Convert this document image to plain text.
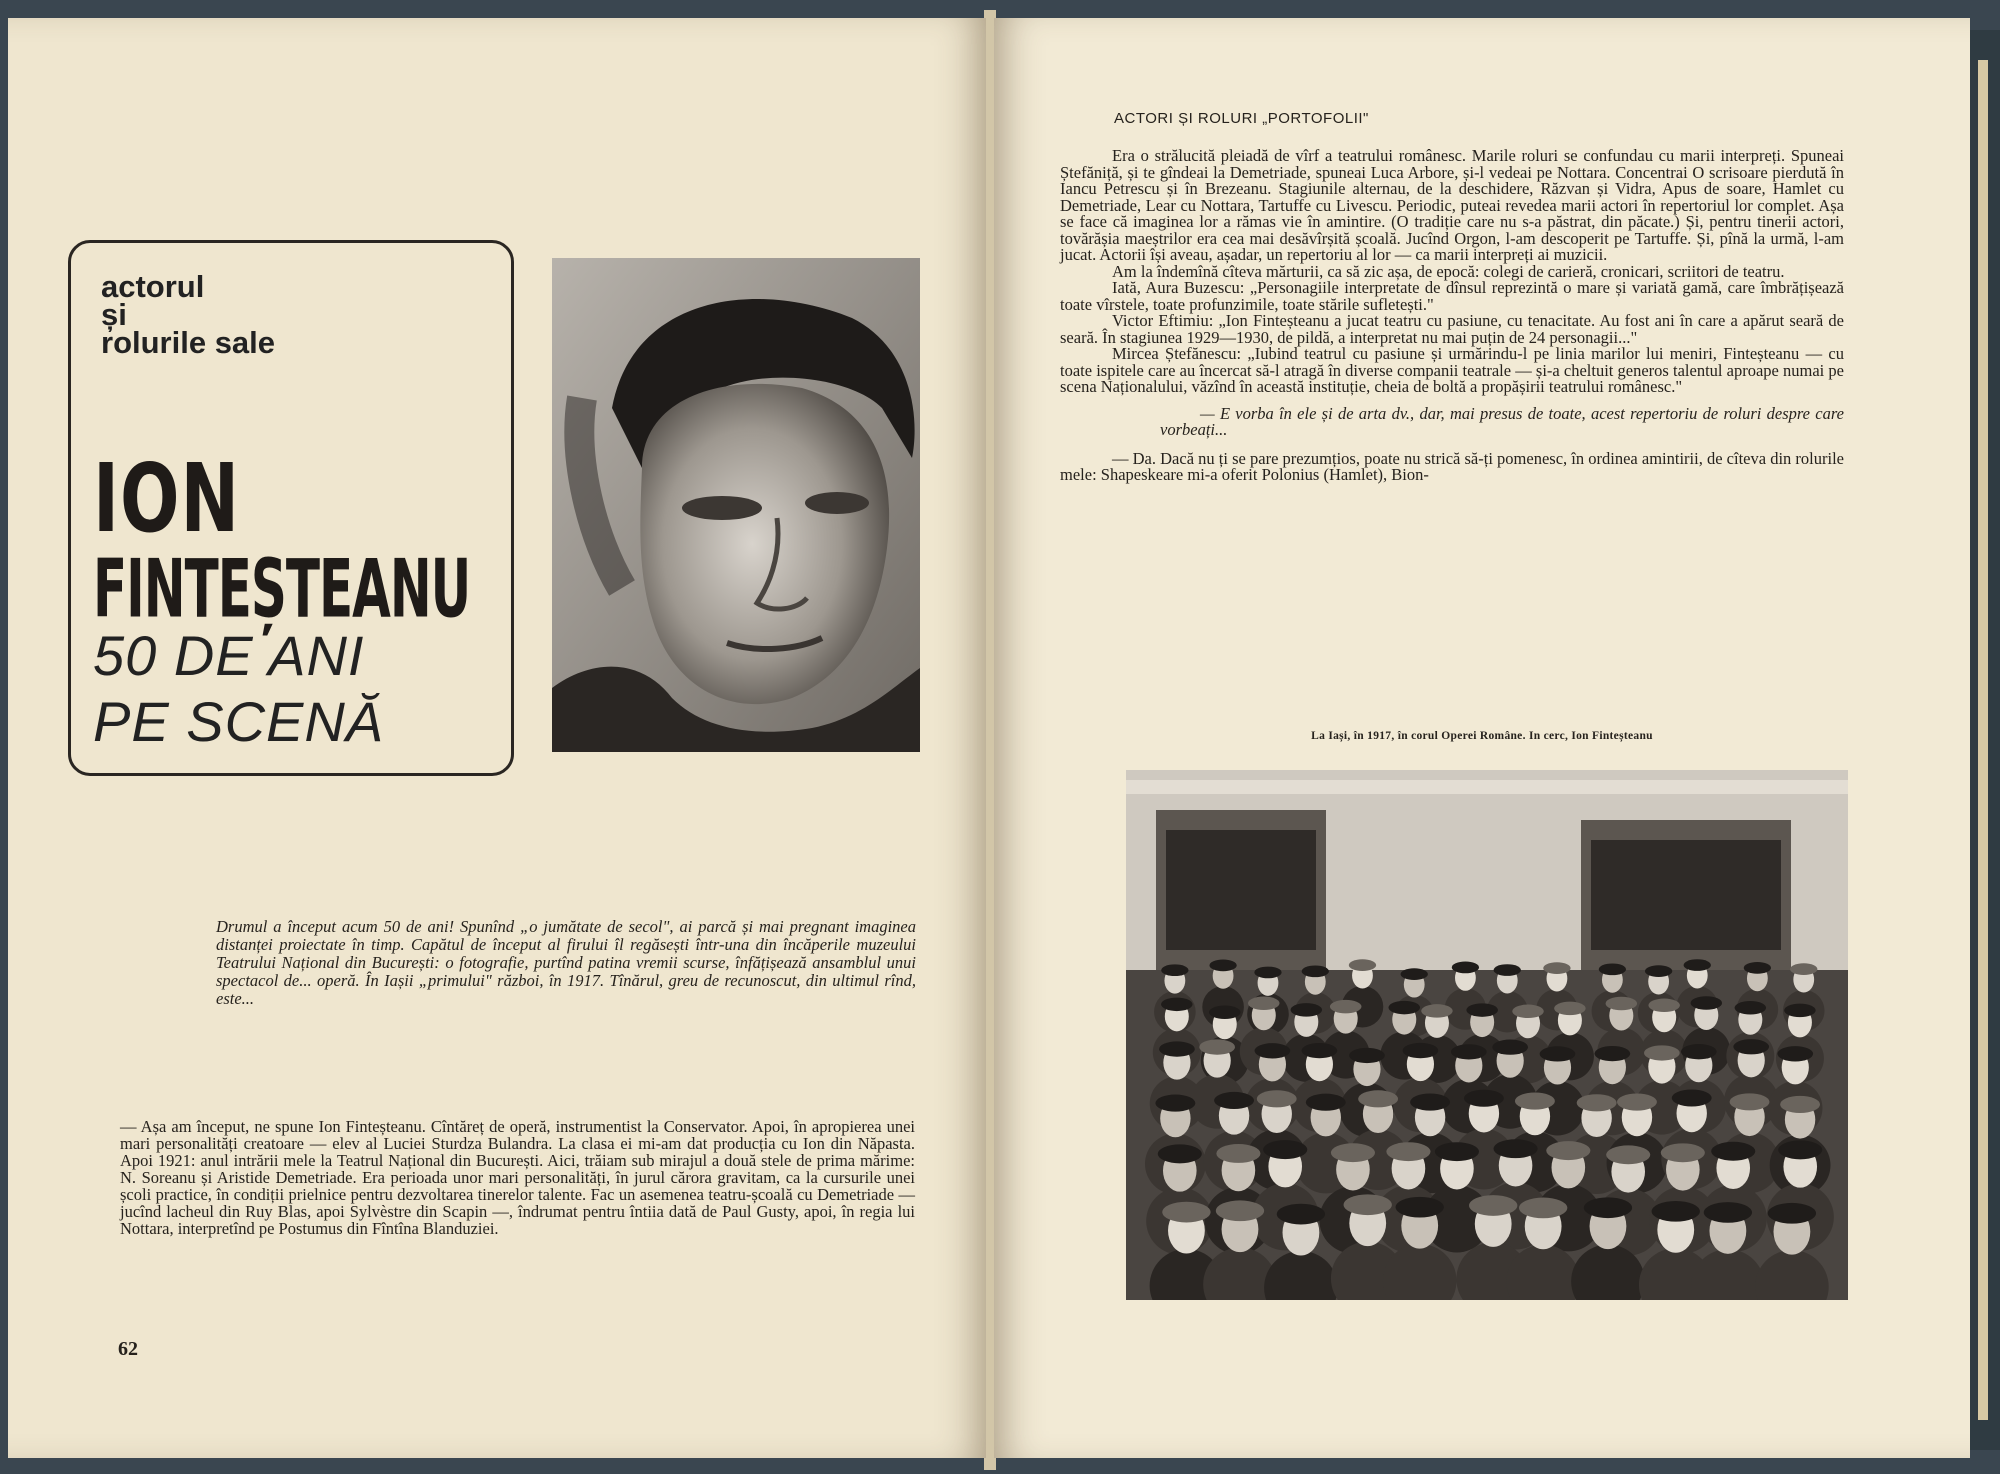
actorul
și
rolurile sale
ION
FINTEȘTEANU
50 DE ANI
PE SCENĂ
Drumul a început acum 50 de ani! Spunînd „o jumătate de secol", ai parcă și mai pregnant imaginea distanței proiectate în timp. Capătul de început al firului îl regăsești într-una din încăperile muzeului Teatrului Național din București: o fotografie, purtînd patina vremii scurse, înfățișează ansamblul unui spectacol de... operă. În Iașii „primului" război, în 1917. Tînărul, greu de recunoscut, din ultimul rînd, este...
— Așa am început, ne spune Ion Finteșteanu. Cîntăreț de operă, instrumentist la Conservator. Apoi, în apropierea unei mari personalități creatoare — elev al Luciei Sturdza Bulandra. La clasa ei mi-am dat producția cu Ion din Năpasta. Apoi 1921: anul intrării mele la Teatrul Național din București. Aici, trăiam sub mirajul a două stele de prima mărime: N. Soreanu și Aristide Demetriade. Era perioada unor mari personalități, în jurul cărora gravitam, ca la cursurile unei școli practice, în condiții prielnice pentru dezvoltarea tinerelor talente. Fac un asemenea teatru-școală cu Demetriade — jucînd lacheul din Ruy Blas, apoi Sylvèstre din Scapin —, îndrumat pentru întiia dată de Paul Gusty, apoi, în regia lui Nottara, interpretînd pe Postumus din Fîntîna Blanduziei.
62
ACTORI ȘI ROLURI „PORTOFOLII"

Era o strălucită pleiadă de vîrf a teatrului românesc. Marile roluri se confundau cu marii interpreți. Spuneai Ștefăniță, și te gîndeai la Demetriade, spuneai Luca Arbore, și-l vedeai pe Nottara. Concentrai O scrisoare pierdută în Iancu Petrescu și în Brezeanu. Stagiunile alternau, de la deschidere, Răzvan și Vidra, Apus de soare, Hamlet cu Demetriade, Lear cu Nottara, Tartuffe cu Livescu. Periodic, puteai revedea marii actori în repertoriul lor complet. Așa se face că imaginea lor a rămas vie în amintire. (O tradiție care nu s-a păstrat, din păcate.) Și, pentru tinerii actori, tovărășia maeștrilor era cea mai desăvîrșită școală. Jucînd Orgon, l-am descoperit pe Tartuffe. Și, pînă la urmă, l-am jucat. Actorii își aveau, așadar, un repertoriu al lor — ca marii interpreți ai muzicii.

Am la îndemînă cîteva mărturii, ca să zic așa, de epocă: colegi de carieră, cronicari, scriitori de teatru.

Iată, Aura Buzescu: „Personagiile interpretate de dînsul reprezintă o mare și variată gamă, care îmbrățișează toate vîrstele, toate profunzimile, toate stările sufletești."

Victor Eftimiu: „Ion Finteșteanu a jucat teatru cu pasiune, cu tenacitate. Au fost ani în care a apărut seară de seară. În stagiunea 1929—1930, de pildă, a interpretat nu mai puțin de 24 personagii..."

Mircea Ștefănescu: „Iubind teatrul cu pasiune și urmărindu-l pe linia marilor lui meniri, Finteșteanu — cu toate ispitele care au încercat să-l atragă în diverse companii teatrale — și-a cheltuit generos talentul aproape numai pe scena Naționalului, văzînd în această instituție, cheia de boltă a propășirii teatrului românesc."

— E vorba în ele și de arta dv., dar, mai presus de toate, acest repertoriu de roluri despre care vorbeați...

— Da. Dacă nu ți se pare prezumțios, poate nu strică să-ți pomenesc, în ordinea amintirii, de cîteva din rolurile mele: Shapeskeare mi-a oferit Polonius (Hamlet), Bion-

La Iași, în 1917, în corul Operei Române. In cerc, Ion Finteșteanu
